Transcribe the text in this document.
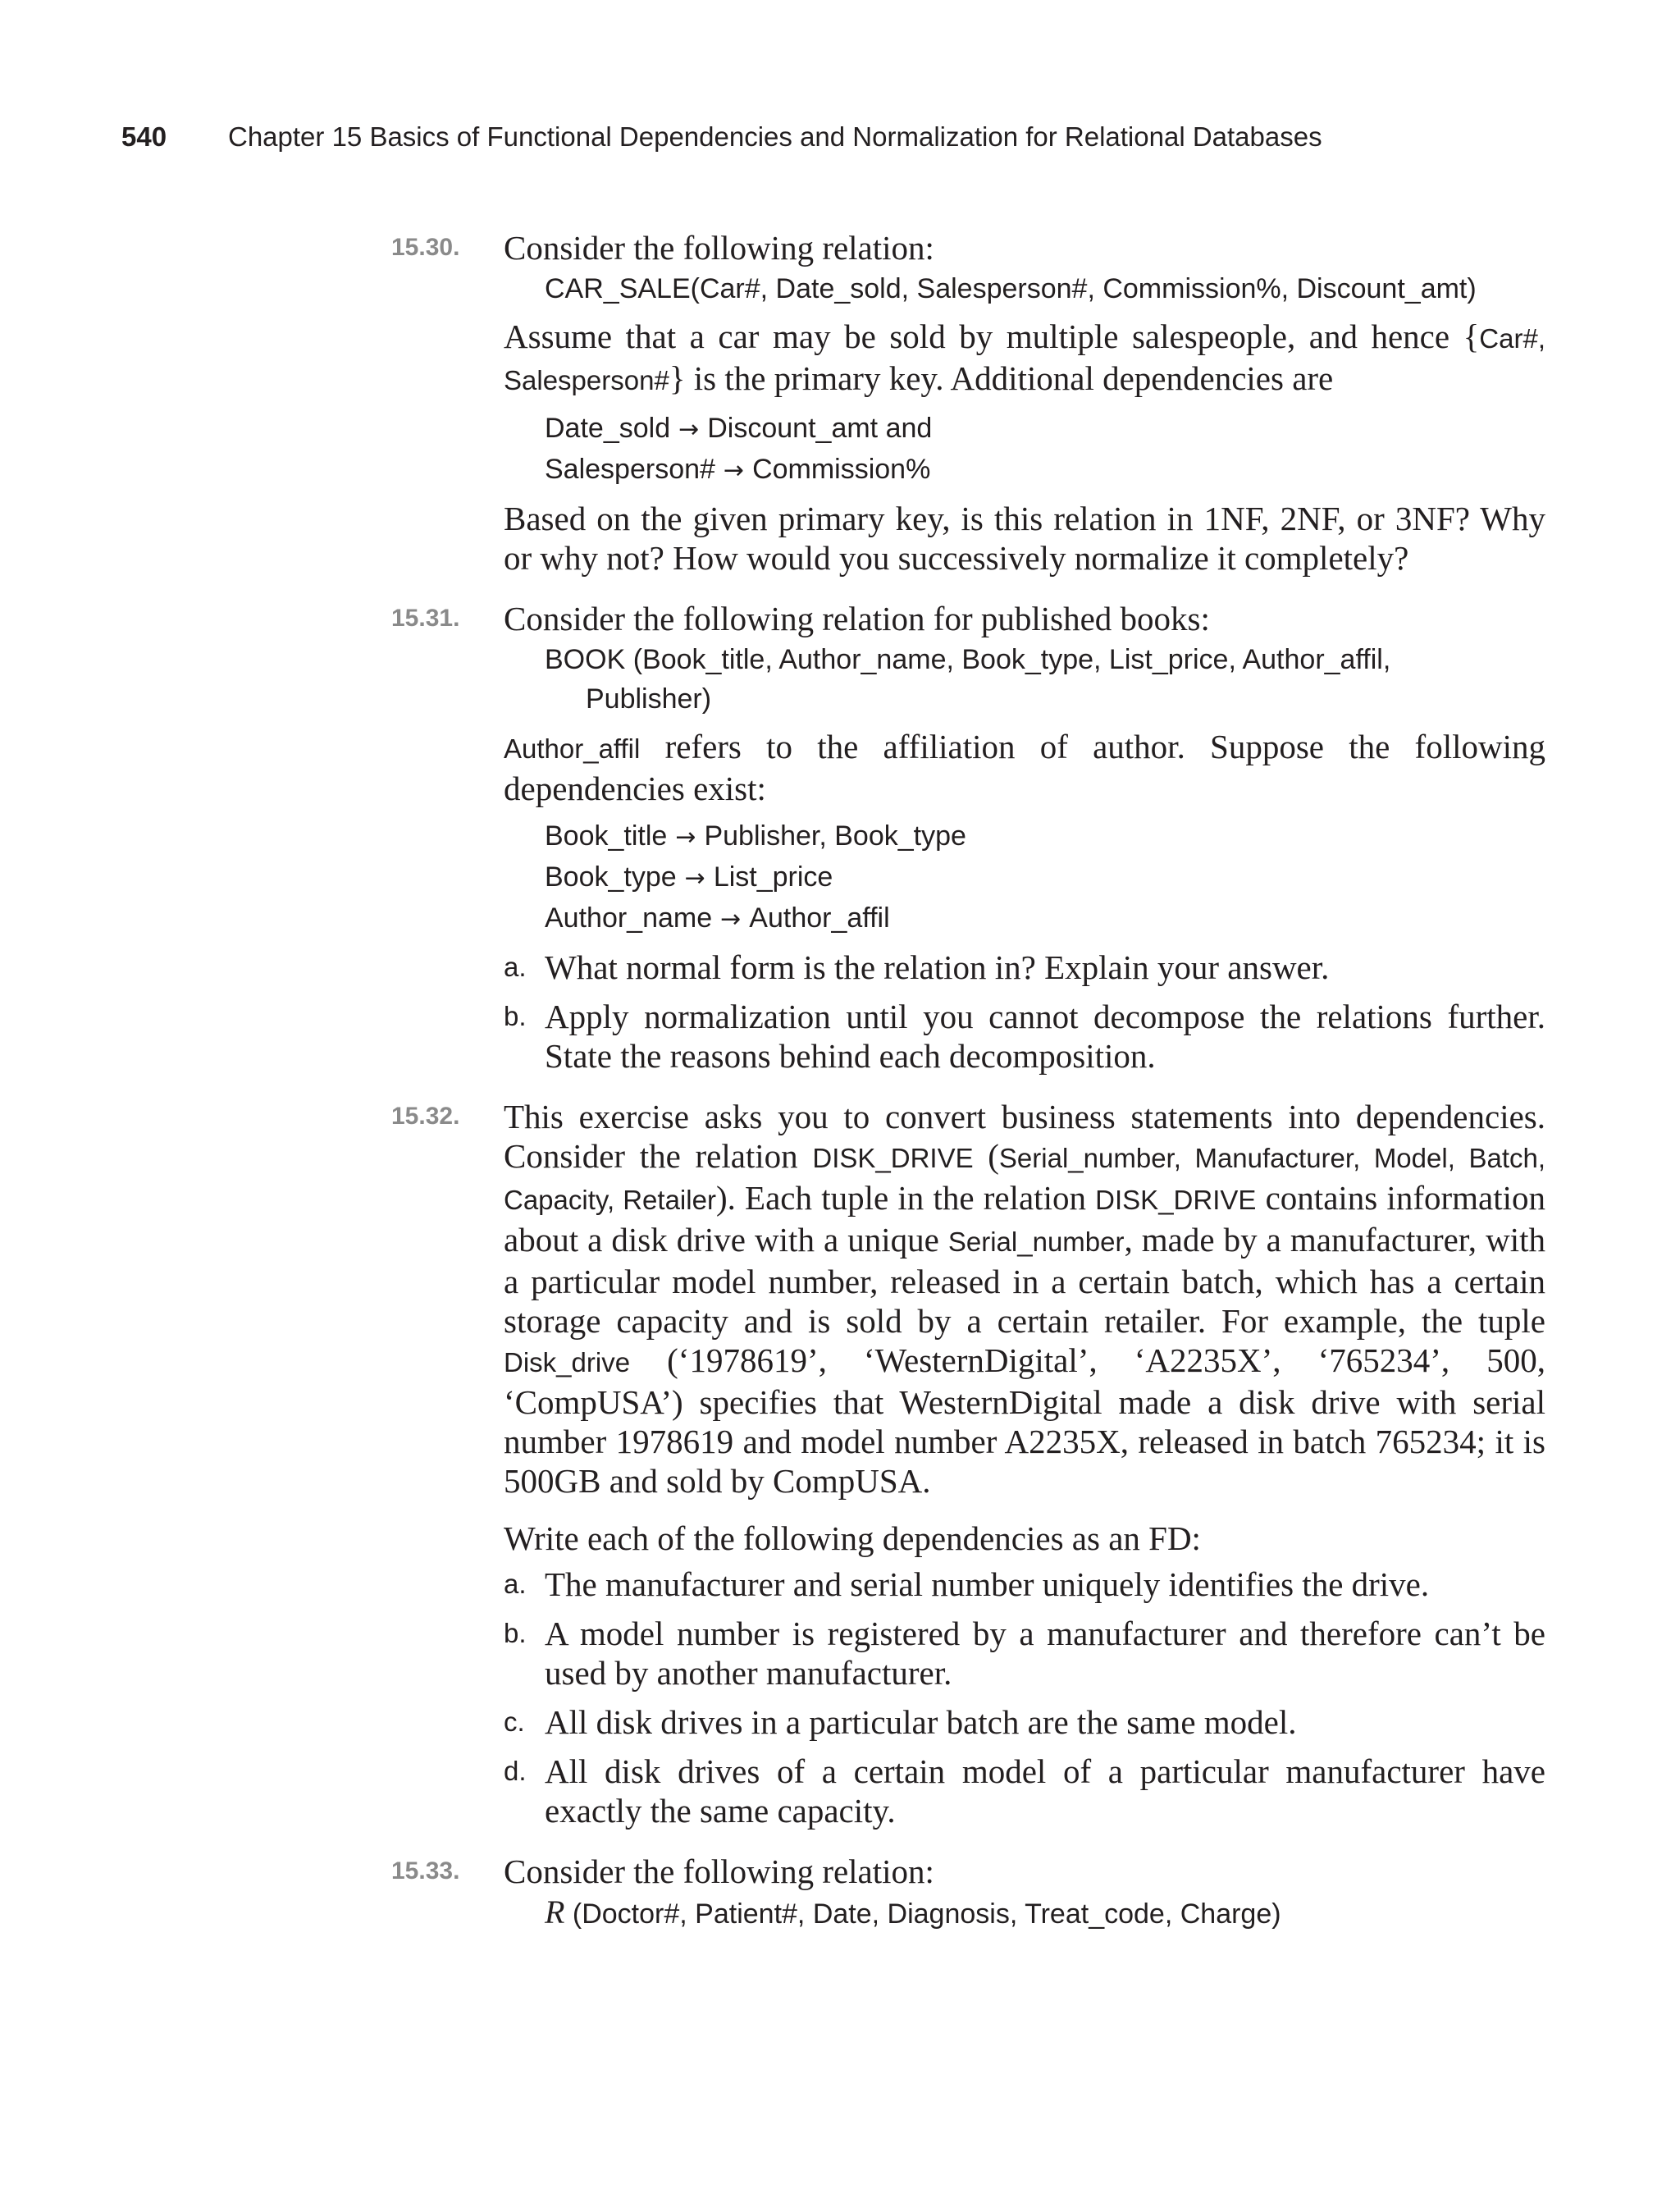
540 Chapter 15 Basics of Functional Dependencies and Normalization for Relational Databases
15.30.	Consider the following relation:

CAR_SALE(Car#, Date_sold, Salesperson#, Commission%, Discount_amt)

Assume that a car may be sold by multiple salespeople, and hence {Car#, Salesperson#} is the primary key. Additional dependencies are

Date_sold → Discount_amt and
Salesperson# → Commission%

Based on the given primary key, is this relation in 1NF, 2NF, or 3NF? Why or why not? How would you successively normalize it completely?

15.31.	Consider the following relation for published books:

BOOK (Book_title, Author_name, Book_type, List_price, Author_affil,
Publisher)

Author_affil refers to the affiliation of author. Suppose the following dependencies exist:

Book_title → Publisher, Book_type
Book_type → List_price
Author_name → Author_affil
a. What normal form is the relation in? Explain your answer.
b. Apply normalization until you cannot decompose the relations further. State the reasons behind each decomposition.
15.32.	This exercise asks you to convert business statements into dependencies. Consider the relation DISK_DRIVE (Serial_number, Manufacturer, Model, Batch, Capacity, Retailer). Each tuple in the relation DISK_DRIVE contains information about a disk drive with a unique Serial_number, made by a manufacturer, with a particular model number, released in a certain batch, which has a certain storage capacity and is sold by a certain retailer. For example, the tuple Disk_drive (‘1978619’, ‘WesternDigital’, ‘A2235X’, ‘765234’, 500, ‘CompUSA’) specifies that WesternDigital made a disk drive with serial number 1978619 and model number A2235X, released in batch 765234; it is 500GB and sold by CompUSA.

Write each of the following dependencies as an FD:

a. The manufacturer and serial number uniquely identifies the drive.
b. A model number is registered by a manufacturer and therefore can’t be used by another manufacturer.
c. All disk drives in a particular batch are the same model.
d. All disk drives of a certain model of a particular manufacturer have exactly the same capacity.
15.33.	Consider the following relation:

R (Doctor#, Patient#, Date, Diagnosis, Treat_code, Charge)
